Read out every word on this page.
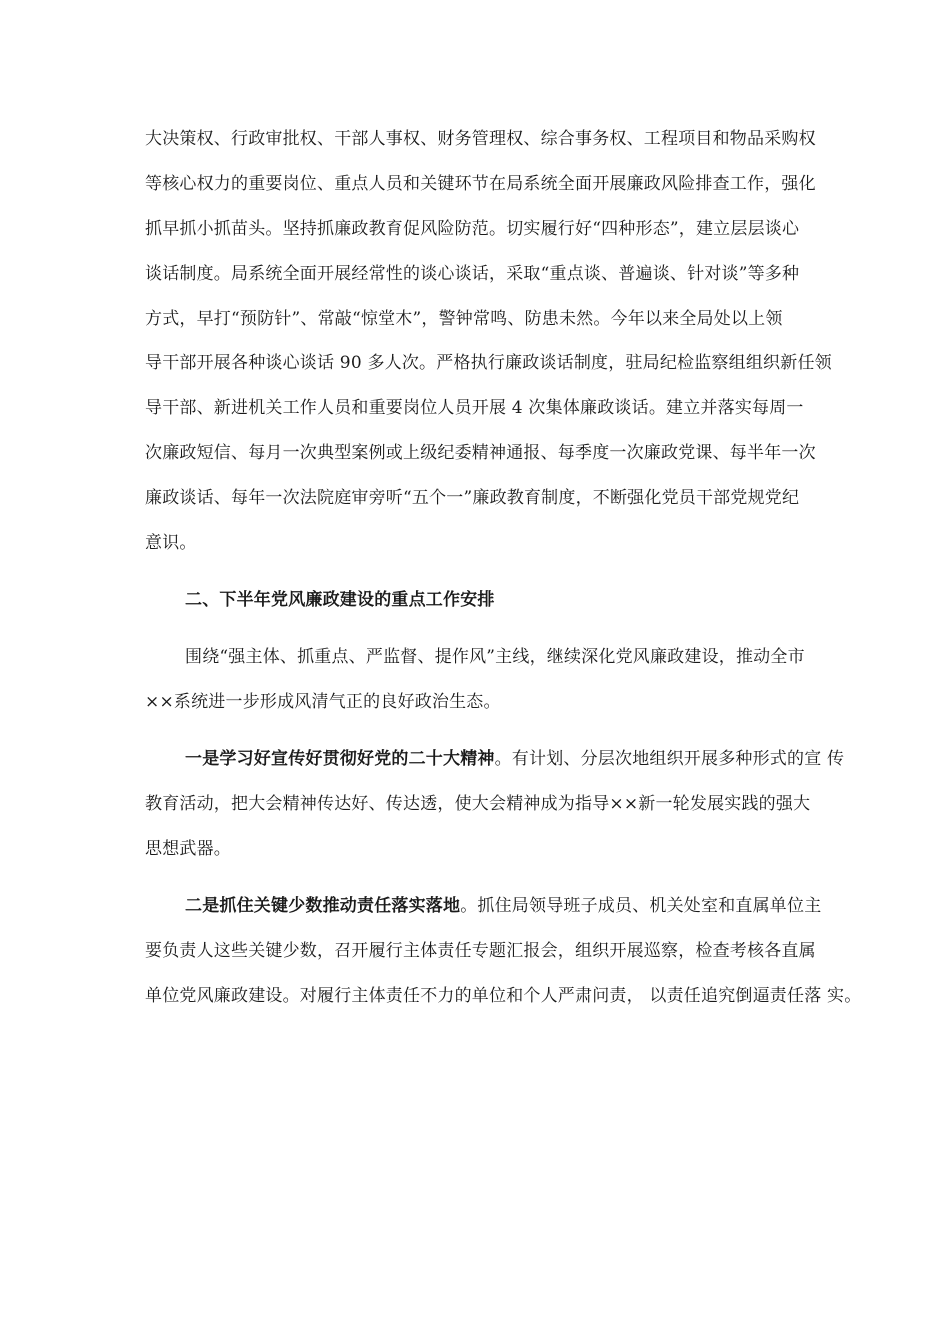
大决策权、行政审批权、干部人事权、财务管理权、综合事务权、工程项目和物品采购权
等核心权力的重要岗位、重点人员和关键环节在局系统全面开展廉政风险排查工作，强化
抓早抓小抓苗头。坚持抓廉政教育促风险防范。切实履行好“四种形态”，建立层层谈心
谈话制度。局系统全面开展经常性的谈心谈话，采取“重点谈、普遍谈、针对谈”等多种
方式，早打“预防针”、常敲“惊堂木”，警钟常鸣、防患未然。今年以来全局处以上领
导干部开展各种谈心谈话 90 多人次。严格执行廉政谈话制度，驻局纪检监察组组织新任领
导干部、新进机关工作人员和重要岗位人员开展 4 次集体廉政谈话。建立并落实每周一
次廉政短信、每月一次典型案例或上级纪委精神通报、每季度一次廉政党课、每半年一次
廉政谈话、每年一次法院庭审旁听“五个一”廉政教育制度，不断强化党员干部党规党纪
意识。
二、下半年党风廉政建设的重点工作安排
围绕“强主体、抓重点、严监督、提作风”主线，继续深化党风廉政建设，推动全市
××系统进一步形成风清气正的良好政治生态。
一是学习好宣传好贯彻好党的二十大精神。有计划、分层次地组织开展多种形式的宣 传
教育活动，把大会精神传达好、传达透，使大会精神成为指导××新一轮发展实践的强大
思想武器。
二是抓住关键少数推动责任落实落地。抓住局领导班子成员、机关处室和直属单位主
要负责人这些关键少数，召开履行主体责任专题汇报会，组织开展巡察，检查考核各直属
单位党风廉政建设。对履行主体责任不力的单位和个人严肃问责， 以责任追究倒逼责任落 实。
